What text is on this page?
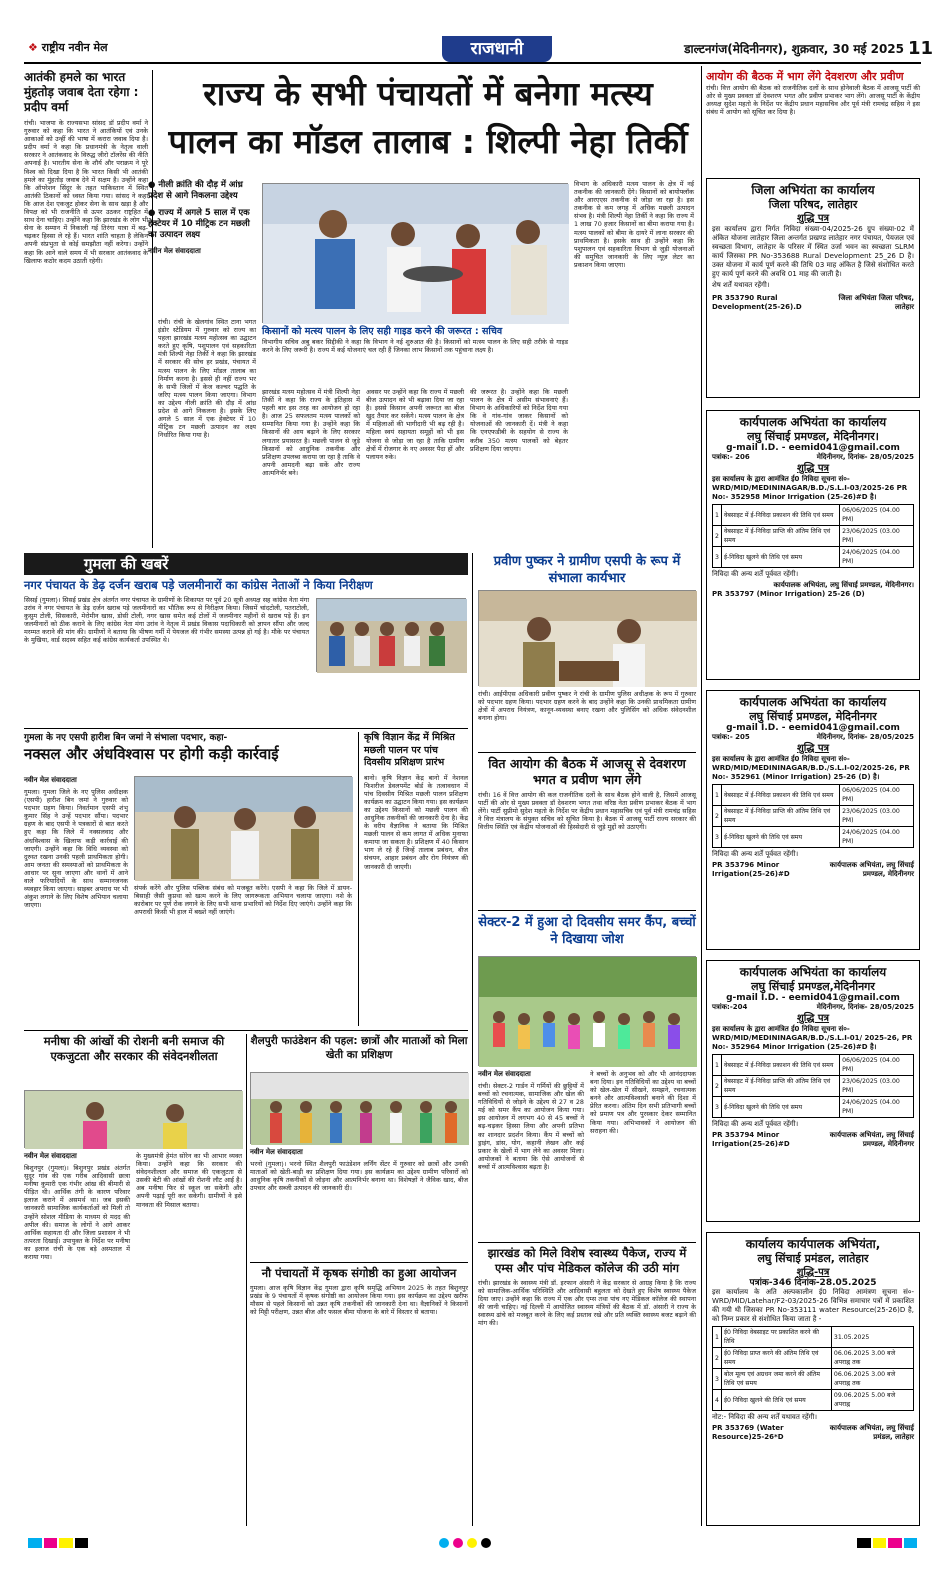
❖ राष्ट्रीय नवीन मेल	राजधानी	डाल्टनगंज(मेदिनीनगर), शुक्रवार, 30 मई 2025 11
आतंकी हमले का भारत मुंहतोड़ जवाब देता रहेगा : प्रदीप वर्मा
रांची। भाजपा के राज्यसभा सांसद डॉ प्रदीप वर्मा ने गुरुवार को कहा कि भारत ने आतंकियों एवं उनके आकाओं को उन्हीं की भाषा में करारा जवाब दिया है। प्रदीप वर्मा ने कहा कि प्रधानमंत्री के नेतृत्व वाली सरकार ने आतंकवाद के विरुद्ध जीरो टॉलरेंस की नीति अपनाई है। भारतीय सेना के शौर्य और पराक्रम ने पूरे विश्व को दिखा दिया है कि भारत किसी भी आतंकी हमले का मुंहतोड़ जवाब देने में सक्षम है। उन्होंने कहा कि ऑपरेशन सिंदूर के तहत पाकिस्तान में स्थित आतंकी ठिकानों को ध्वस्त किया गया। सांसद ने कहा कि आज देश एकजुट होकर सेना के साथ खड़ा है और विपक्ष को भी राजनीति से ऊपर उठकर राष्ट्रहित में साथ देना चाहिए। उन्होंने कहा कि झारखंड के लोग भी सेना के सम्मान में निकाली गई तिरंगा यात्रा में बढ़-चढ़कर हिस्सा ले रहे हैं। भारत शांति चाहता है लेकिन अपनी संप्रभुता से कोई समझौता नहीं करेगा। उन्होंने कहा कि आने वाले समय में भी सरकार आतंकवाद के खिलाफ कठोर कदम उठाती रहेगी।
राज्य के सभी पंचायतों में बनेगा मत्स्य
पालन का मॉडल तालाब : शिल्पी नेहा तिर्की
● नीली क्रांति की दौड़ में आंध्र प्रदेश से आगे निकलना उद्देश्य
● राज्य में अगले 5 साल में एक हेक्टेयर में 10 मीट्रिक टन मछली का उत्पादन लक्ष्य
नवीन मेल संवाददाता
किसानों को मत्स्य पालन के लिए सही गाइड करने की जरूरत : सचिव
विभागीय सचिव अबु बकर सिद्दीकी ने कहा कि विभाग ने नई शुरुआत की है। किसानों को मत्स्य पालन के लिए सही तरीके से गाइड करने के लिए जरूरी है। राज्य में कई योजनाएं चल रही हैं जिनका लाभ किसानों तक पहुंचाना लक्ष्य है।
रांची। रांची के खेलगांव स्थित टाना भगत इंडोर स्टेडियम में गुरुवार को राज्य का पहला झारखंड मत्स्य महोत्सव का उद्घाटन करते हुए कृषि, पशुपालन एवं सहकारिता मंत्री शिल्पी नेहा तिर्की ने कहा कि झारखंड में सरकार की सोच हर प्रखंड, पंचायत में मत्स्य पालन के लिए मॉडल तालाब का निर्माण करना है। इससे ही नहीं राज्य भर के सभी जिलों में केज कल्चर पद्धति के जरिए मत्स्य पालन किया जाएगा। विभाग का उद्देश्य नीली क्रांति की दौड़ में आंध्र प्रदेश से आगे निकलना है। इसके लिए अगले 5 साल में एक हेक्टेयर में 10 मीट्रिक टन मछली उत्पादन का लक्ष्य निर्धारित किया गया है।
झारखंड मत्स्य महोत्सव में मंत्री शिल्पी नेहा तिर्की ने कहा कि राज्य के इतिहास में पहली बार इस तरह का आयोजन हो रहा है। आज 25 सफलतम मत्स्य पालकों को सम्मानित किया गया है। उन्होंने कहा कि किसानों की आय बढ़ाने के लिए सरकार लगातार प्रयासरत है। मछली पालन से जुड़े किसानों को आधुनिक तकनीक और प्रशिक्षण उपलब्ध कराया जा रहा है ताकि वे अपनी आमदनी बढ़ा सकें और राज्य आत्मनिर्भर बने।
अवसर पर उन्होंने कहा कि राज्य में मछली बीज उत्पादन को भी बढ़ावा दिया जा रहा है। इससे किसान अपनी जरूरत का बीज खुद तैयार कर सकेंगे। मत्स्य पालन के क्षेत्र में महिलाओं की भागीदारी भी बढ़ रही है। महिला स्वयं सहायता समूहों को भी इस योजना से जोड़ा जा रहा है ताकि ग्रामीण क्षेत्रों में रोजगार के नए अवसर पैदा हों और पलायन रुके।
की जरूरत है। उन्होंने कहा कि मछली पालन के क्षेत्र में असीम संभावनाएं हैं। विभाग के अधिकारियों को निर्देश दिया गया कि वे गांव-गांव जाकर किसानों को योजनाओं की जानकारी दें। मंत्री ने कहा कि एनएफडीबी के सहयोग से राज्य के करीब 350 मत्स्य पालकों को बेहतर प्रशिक्षण दिया जाएगा।
विभाग के अधिकारी मत्स्य पालन के क्षेत्र में नई तकनीक की जानकारी देंगे। किसानों को बायोफ्लॉक और आरएएस तकनीक से जोड़ा जा रहा है। इस तकनीक से कम जगह में अधिक मछली उत्पादन संभव है। मंत्री शिल्पी नेहा तिर्की ने कहा कि राज्य में 1 लाख 70 हजार किसानों का बीमा कराया गया है। मत्स्य पालकों को बीमा के दायरे में लाना सरकार की प्राथमिकता है। इसके साथ ही उन्होंने कहा कि पशुपालन एवं सहकारिता विभाग से जुड़ी योजनाओं की समुचित जानकारी के लिए न्यूज़ लेटर का प्रकाशन किया जाएगा।
आयोग की बैठक में भाग लेंगे देवशरण और प्रवीण
रांची। वित्त आयोग की बैठक को राजनीतिक दलों के साथ होनेवाली बैठक में आजसू पार्टी की ओर से मुख्य प्रवक्ता डॉ देवशरण भगत और प्रवीण प्रभाकर भाग लेंगे। आजसू पार्टी के केंद्रीय अध्यक्ष सुदेश महतो के निर्देश पर केंद्रीय प्रधान महासचिव और पूर्व मंत्री रामचंद्र सहिस ने इस संबंध में आयोग को सूचित कर दिया है।
जिला अभियंता का कार्यालय
जिला परिषद, लातेहार
शुद्धि पत्र
इस कार्यालय द्वारा निर्गत निविदा संख्या-04/2025-26 ग्रुप संख्या-02 में अंकित योजना लातेहार जिला अन्तर्गत प्रखण्ड लातेहार नगर पंचायत, पेयजल एवं स्वच्छता विभाग, लातेहार के परिसर में स्थित उर्जा भवन का स्वच्छता SLRM कार्य जिसका PR No-353688 Rural Development 25_26 D है। उक्त योजना में कार्य पूर्ण करने की तिथि 03 माह अंकित है जिसे संशोधित करते हुए कार्य पूर्ण करने की अवधि 01 माह की जाती है।
शेष शर्तें यथावत रहेंगी।
PR 353790 Rural Development(25-26).D
जिला अभियंता जिला परिषद, लातेहार
कार्यपालक अभियंता का कार्यालय
लघु सिंचाई प्रमण्डल, मेदिनीनगर।
g-mail I.D. - eemid041@gmail.com
पत्रांक:- 206	मेदिनीनगर, दिनांक- 28/05/2025
शुद्धि पत्र
इस कार्यालय के द्वारा आमंत्रित ई0 निविदा सूचना सं०- WRD/MID/MEDININAGAR/B.D./S.L.I-03/2025-26 PR No:- 352958 Minor Irrigation (25-26)#D है।
1	वेबसाइट में ई-निविदा प्रकाशन की तिथि एवं समय	06/06/2025 (04.00 PM)
2	वेबसाइट में ई-निविदा प्राप्ति की अंतिम तिथि एवं समय	23/06/2025 (03.00 PM)
3	ई-निविदा खुलने की तिथि एवं समय	24/06/2025 (04.00 PM)
निविदा की अन्य शर्तें पूर्ववत रहेंगी।
कार्यपालक अभियंता, लघु सिंचाई प्रमण्डल, मेदिनीनगर।
PR 353797 (Minor Irrigation) 25-26 (D)
कार्यपालक अभियंता का कार्यालय
लघु सिंचाई प्रमण्डल, मेदिनीनगर
g-mail I.D. - eemid041@gmail.com
पत्रांक:- 205	मेदिनीनगर, दिनांक- 28/05/2025
शुद्धि पत्र
इस कार्यालय के द्वारा आमंत्रित ई0 निविदा सूचना सं०- WRD/MID/MEDININAGAR/B.D./S.L.I-02/2025-26, PR No:- 352961 (Minor Irrigation) 25-26 (D) है।
1	वेबसाइट में ई-निविदा प्रकाशन की तिथि एवं समय	06/06/2025 (04.00 PM)
2	वेबसाइट में ई-निविदा प्राप्ति की अंतिम तिथि एवं समय	23/06/2025 (03.00 PM)
3	ई-निविदा खुलने की तिथि एवं समय	24/06/2025 (04.00 PM)
निविदा की अन्य शर्तें पूर्ववत रहेंगी।
PR 353796 Minor Irrigation(25-26)#D
कार्यपालक अभियंता, लघु सिंचाई प्रमण्डल, मेदिनीनगर
कार्यपालक अभियंता का कार्यालय
लघु सिंचाई प्रमण्डल,मेदिनीनगर
g-mail I.D. - eemid041@gmail.com
पत्रांक:-204	मेदिनीनगर, दिनांक- 28/05/2025
शुद्धि पत्र
इस कार्यालय के द्वारा आमंत्रित ई0 निविदा सूचना सं०- WRD/MID/MEDININAGAR/B.D./S.L.I-01/ 2025-26, PR No:- 352964 Minor Irrigation (25-26)#D है।
1	वेबसाइट में ई-निविदा प्रकाशन की तिथि एवं समय	06/06/2025 (04.00 PM)
2	वेबसाइट में ई-निविदा प्राप्ति की अंतिम तिथि एवं समय	23/06/2025 (03.00 PM)
3	ई-निविदा खुलने की तिथि एवं समय	24/06/2025 (04.00 PM)
निविदा की अन्य शर्तें पूर्ववत रहेंगी।
PR 353794 Minor Irrigation(25-26)#D
कार्यपालक अभियंता, लघु सिंचाई प्रमण्डल, मेदिनीनगर
कार्यालय कार्यपालक अभियंता,
लघु सिंचाई प्रमंडल, लातेहार
शुद्धि-पत्र
पत्रांक-346 दिनांक-28.05.2025
इस कार्यालय के अति अल्पकालीन ई0 निविदा आमंत्रण सूचना सं०- WRD/MID/Latehar/F2-03/2025-26 विभिन्न समाचार पत्रों में प्रकाशित की गयी थी जिसका PR No-353111 water Resource(25-26)D है, को निम्न प्रकार से संशोधित किया जाता है -
1	ई0 निविदा वेबसाइट पर प्रकाशित करने की तिथि	31.05.2025
2	ई0 निविदा प्राप्त करने की अंतिम तिथि एवं समय	06.06.2025 3.00 बजे अपराह्न तक
3	बोल मूल्य एवं अग्रधन जमा करने की अंतिम तिथि एवं समय	06.06.2025 3.00 बजे अपराह्न तक
4	ई0 निविदा खुलने की तिथि एवं समय	09.06.2025 5.00 बजे अपराह्न
नोट:- निविदा की अन्य शर्तें यथावत रहेंगी।
PR 353769 (Water Resource)25-26*D
कार्यपालक अभियंता, लघु सिंचाई प्रमंडल, लातेहार
गुमला की खबरें
नगर पंचायत के डेढ़ दर्जन खराब पड़े जलमीनारों का कांग्रेस नेताओं ने किया निरीक्षण
सिसई (गुमला)। सिसई प्रखंड क्षेत्र अंतर्गत नगर पंचायत के ग्रामीणों के शिकायत पर पूर्व 20 सूत्री अध्यक्ष सह कांग्रेस नेता मंगा उरांव ने नगर पंचायत के डेढ़ दर्जन खराब पड़े जलमीनारों का भौतिक रूप से निरीक्षण किया। जिसमें चांदटोली, पतराटोली, कुसुम टोली, सिसकारी, मेरोमीन खास, डोसी टोली, नगर खास समेत कई टोलों में जलमीनार महीनों से खराब पड़े हैं। इन जलमीनारों को ठीक कराने के लिए कांग्रेस नेता मंगा उरांव ने नेतृत्व में प्रखंड विकास पदाधिकारी को ज्ञापन सौंपा और जल्द मरम्मत कराने की मांग की। ग्रामीणों ने बताया कि भीषण गर्मी में पेयजल की गंभीर समस्या उत्पन्न हो गई है। मौके पर पंचायत के मुखिया, वार्ड सदस्य सहित कई कांग्रेस कार्यकर्ता उपस्थित थे।
गुमला के नए एसपी हारीश बिन जमां ने संभाला पदभार, कहा-
नक्सल और अंधविश्वास पर होगी कड़ी कार्रवाई
नवीन मेल संवाददाता
गुमला। गुमला जिले के नए पुलिस अधीक्षक (एसपी) हारीश बिन जमां ने गुरुवार को पदभार ग्रहण किया। निवर्तमान एसपी शंभु कुमार सिंह ने उन्हें पदभार सौंपा। पदभार ग्रहण के बाद एसपी ने पत्रकारों से बात करते हुए कहा कि जिले में नक्सलवाद और अंधविश्वास के खिलाफ कड़ी कार्रवाई की जाएगी। उन्होंने कहा कि विधि व्यवस्था को दुरुस्त रखना उनकी पहली प्राथमिकता होगी। आम जनता की समस्याओं को प्राथमिकता के आधार पर सुना जाएगा और थानों में आने वाले फरियादियों के साथ सम्मानजनक व्यवहार किया जाएगा। साइबर अपराध पर भी अंकुश लगाने के लिए विशेष अभियान चलाया जाएगा।
संपर्क करेंगे और पुलिस पब्लिक संबंध को मजबूत करेंगे। एसपी ने कहा कि जिले में डायन-बिसाही जैसी कुप्रथा को खत्म करने के लिए जागरूकता अभियान चलाया जाएगा। नशे के कारोबार पर पूर्ण रोक लगाने के लिए सभी थाना प्रभारियों को निर्देश दिए जाएंगे। उन्होंने कहा कि अपराधी किसी भी हाल में बख्शे नहीं जाएंगे।
कृषि विज्ञान केंद्र में मिश्रित मछली पालन पर पांच दिवसीय प्रशिक्षण प्रारंभ
बानो। कृषि विज्ञान केंद्र बानो में नेशनल फिशरीज डेवलपमेंट बोर्ड के तत्वावधान में पांच दिवसीय मिश्रित मछली पालन प्रशिक्षण कार्यक्रम का उद्घाटन किया गया। इस कार्यक्रम का उद्देश्य किसानों को मछली पालन की आधुनिक तकनीकों की जानकारी देना है। केंद्र के वरीय वैज्ञानिक ने बताया कि मिश्रित मछली पालन से कम लागत में अधिक मुनाफा कमाया जा सकता है। प्रशिक्षण में 40 किसान भाग ले रहे हैं जिन्हें तालाब प्रबंधन, बीज संचयन, आहार प्रबंधन और रोग नियंत्रण की जानकारी दी जाएगी।
प्रवीण पुष्कर ने ग्रामीण एसपी के रूप में संभाला कार्यभार
रांची। आईपीएस अधिकारी प्रवीण पुष्कर ने रांची के ग्रामीण पुलिस अधीक्षक के रूप में गुरुवार को पदभार ग्रहण किया। पदभार ग्रहण करने के बाद उन्होंने कहा कि उनकी प्राथमिकता ग्रामीण क्षेत्रों में अपराध नियंत्रण, कानून-व्यवस्था बनाए रखना और पुलिसिंग को अधिक संवेदनशील बनाना होगा।
वित आयोग की बैठक में आजसू से देवशरण भगत व प्रवीण भाग लेंगे
रांची। 16 वें वित्त आयोग की कल राजनीतिक दलों के साथ बैठक होने वाली है, जिसमें आजसू पार्टी की ओर से मुख्य प्रवक्ता डॉ देवशरण भगत तथा वरिष्ठ नेता प्रवीण प्रभाकर बैठक में भाग लेंगे। पार्टी सुप्रीमो सुदेश महतो के निर्देश पर केंद्रीय प्रधान महासचिव एवं पूर्व मंत्री रामचंद्र सहिस ने वित्त मंत्रालय के संयुक्त सचिव को सूचित किया है। बैठक में आजसू पार्टी राज्य सरकार की वित्तीय स्थिति एवं केंद्रीय योजनाओं की हिस्सेदारी से जुड़े मुद्दों को उठाएगी।
सेक्टर-2 में हुआ दो दिवसीय समर कैंप, बच्चों ने दिखाया जोश
नवीन मेल संवाददाता
रांची। सेक्टर-2 गार्डन में गर्मियों की छुट्टियों में बच्चों को रचनात्मक, सामाजिक और खेल की गतिविधियों से जोड़ने के उद्देश्य से 27 व 28 मई को समर कैंप का आयोजन किया गया। इस आयोजन में लगभग 40 से 45 बच्चों ने बढ़-चढ़कर हिस्सा लिया और अपनी प्रतिभा का शानदार प्रदर्शन किया। कैंप में बच्चों को ड्राइंग, डांस, योग, कहानी लेखन और कई प्रकार के खेलों में भाग लेने का अवसर मिला। आयोजकों ने बताया कि ऐसे आयोजनों से बच्चों में आत्मविश्वास बढ़ता है।
ने बच्चों के अनुभव को और भी आनंददायक बना दिया। इन गतिविधियों का उद्देश्य था बच्चों को खेल-खेल में सीखने, समझने, रचनात्मक बनने और आत्मविश्वासी बनाने की दिशा में प्रेरित करना। अंतिम दिन सभी प्रतिभागी बच्चों को प्रमाण पत्र और पुरस्कार देकर सम्मानित किया गया। अभिभावकों ने आयोजन की सराहना की।
झारखंड को मिले विशेष स्वास्थ्य पैकेज, राज्य में एम्स और पांच मेडिकल कॉलेज की उठी मांग
रांची। झारखंड के स्वास्थ्य मंत्री डॉ. इरफान अंसारी ने केंद्र सरकार से आग्रह किया है कि राज्य को सामाजिक-आर्थिक परिस्थिति और आदिवासी बहुलता को देखते हुए विशेष स्वास्थ्य पैकेज दिया जाए। उन्होंने कहा कि राज्य में एक और एम्स तथा पांच नए मेडिकल कॉलेज की स्थापना की जानी चाहिए। नई दिल्ली में आयोजित स्वास्थ्य मंत्रियों की बैठक में डॉ. अंसारी ने राज्य के स्वास्थ्य ढांचे को मजबूत करने के लिए कई प्रस्ताव रखे और प्रति व्यक्ति स्वास्थ्य बजट बढ़ाने की मांग की।
मनीषा की आंखों की रोशनी बनी समाज की एकजुटता और सरकार की संवेदनशीलता
नवीन मेल संवाददाता
बिशुनपुर (गुमला)। बिशुनपुर प्रखंड अंतर्गत सुदूर गांव की एक गरीब आदिवासी छात्रा मनीषा कुमारी एक गंभीर आंख की बीमारी से पीड़ित थी। आर्थिक तंगी के कारण परिवार इलाज कराने में असमर्थ था। जब इसकी जानकारी सामाजिक कार्यकर्ताओं को मिली तो उन्होंने सोशल मीडिया के माध्यम से मदद की अपील की। समाज के लोगों ने आगे आकर आर्थिक सहायता दी और जिला प्रशासन ने भी तत्परता दिखाई। उपायुक्त के निर्देश पर मनीषा का इलाज रांची के एक बड़े अस्पताल में कराया गया।
के मुख्यमंत्री हेमंत सोरेन का भी आभार व्यक्त किया। उन्होंने कहा कि सरकार की संवेदनशीलता और समाज की एकजुटता से उसकी बेटी की आंखों की रोशनी लौट आई है। अब मनीषा फिर से स्कूल जा सकेगी और अपनी पढ़ाई पूरी कर सकेगी। ग्रामीणों ने इसे मानवता की मिसाल बताया।
शैलपुरी फाउंडेशन की पहल: छात्रों और माताओं को मिला खेती का प्रशिक्षण
नवीन मेल संवाददाता
भरनो (गुमला)। भरनो स्थित शैलपुरी फाउंडेशन लर्निंग सेंटर में गुरुवार को छात्रों और उनकी माताओं को खेती-बाड़ी का प्रशिक्षण दिया गया। इस कार्यक्रम का उद्देश्य ग्रामीण परिवारों को आधुनिक कृषि तकनीकों से जोड़ना और आत्मनिर्भर बनाना था। विशेषज्ञों ने जैविक खाद, बीज उपचार और सब्जी उत्पादन की जानकारी दी।
नौ पंचायतों में कृषक संगोष्ठी का हुआ आयोजन
गुमला। आज कृषि विज्ञान केंद्र गुमला द्वारा कृषि समृद्धि अभियान 2025 के तहत बिशुनपुर प्रखंड के 9 पंचायतों में कृषक संगोष्ठी का आयोजन किया गया। इस कार्यक्रम का उद्देश्य खरीफ मौसम से पहले किसानों को उन्नत कृषि तकनीकों की जानकारी देना था। वैज्ञानिकों ने किसानों को मिट्टी परीक्षण, उन्नत बीज और फसल बीमा योजना के बारे में विस्तार से बताया।
